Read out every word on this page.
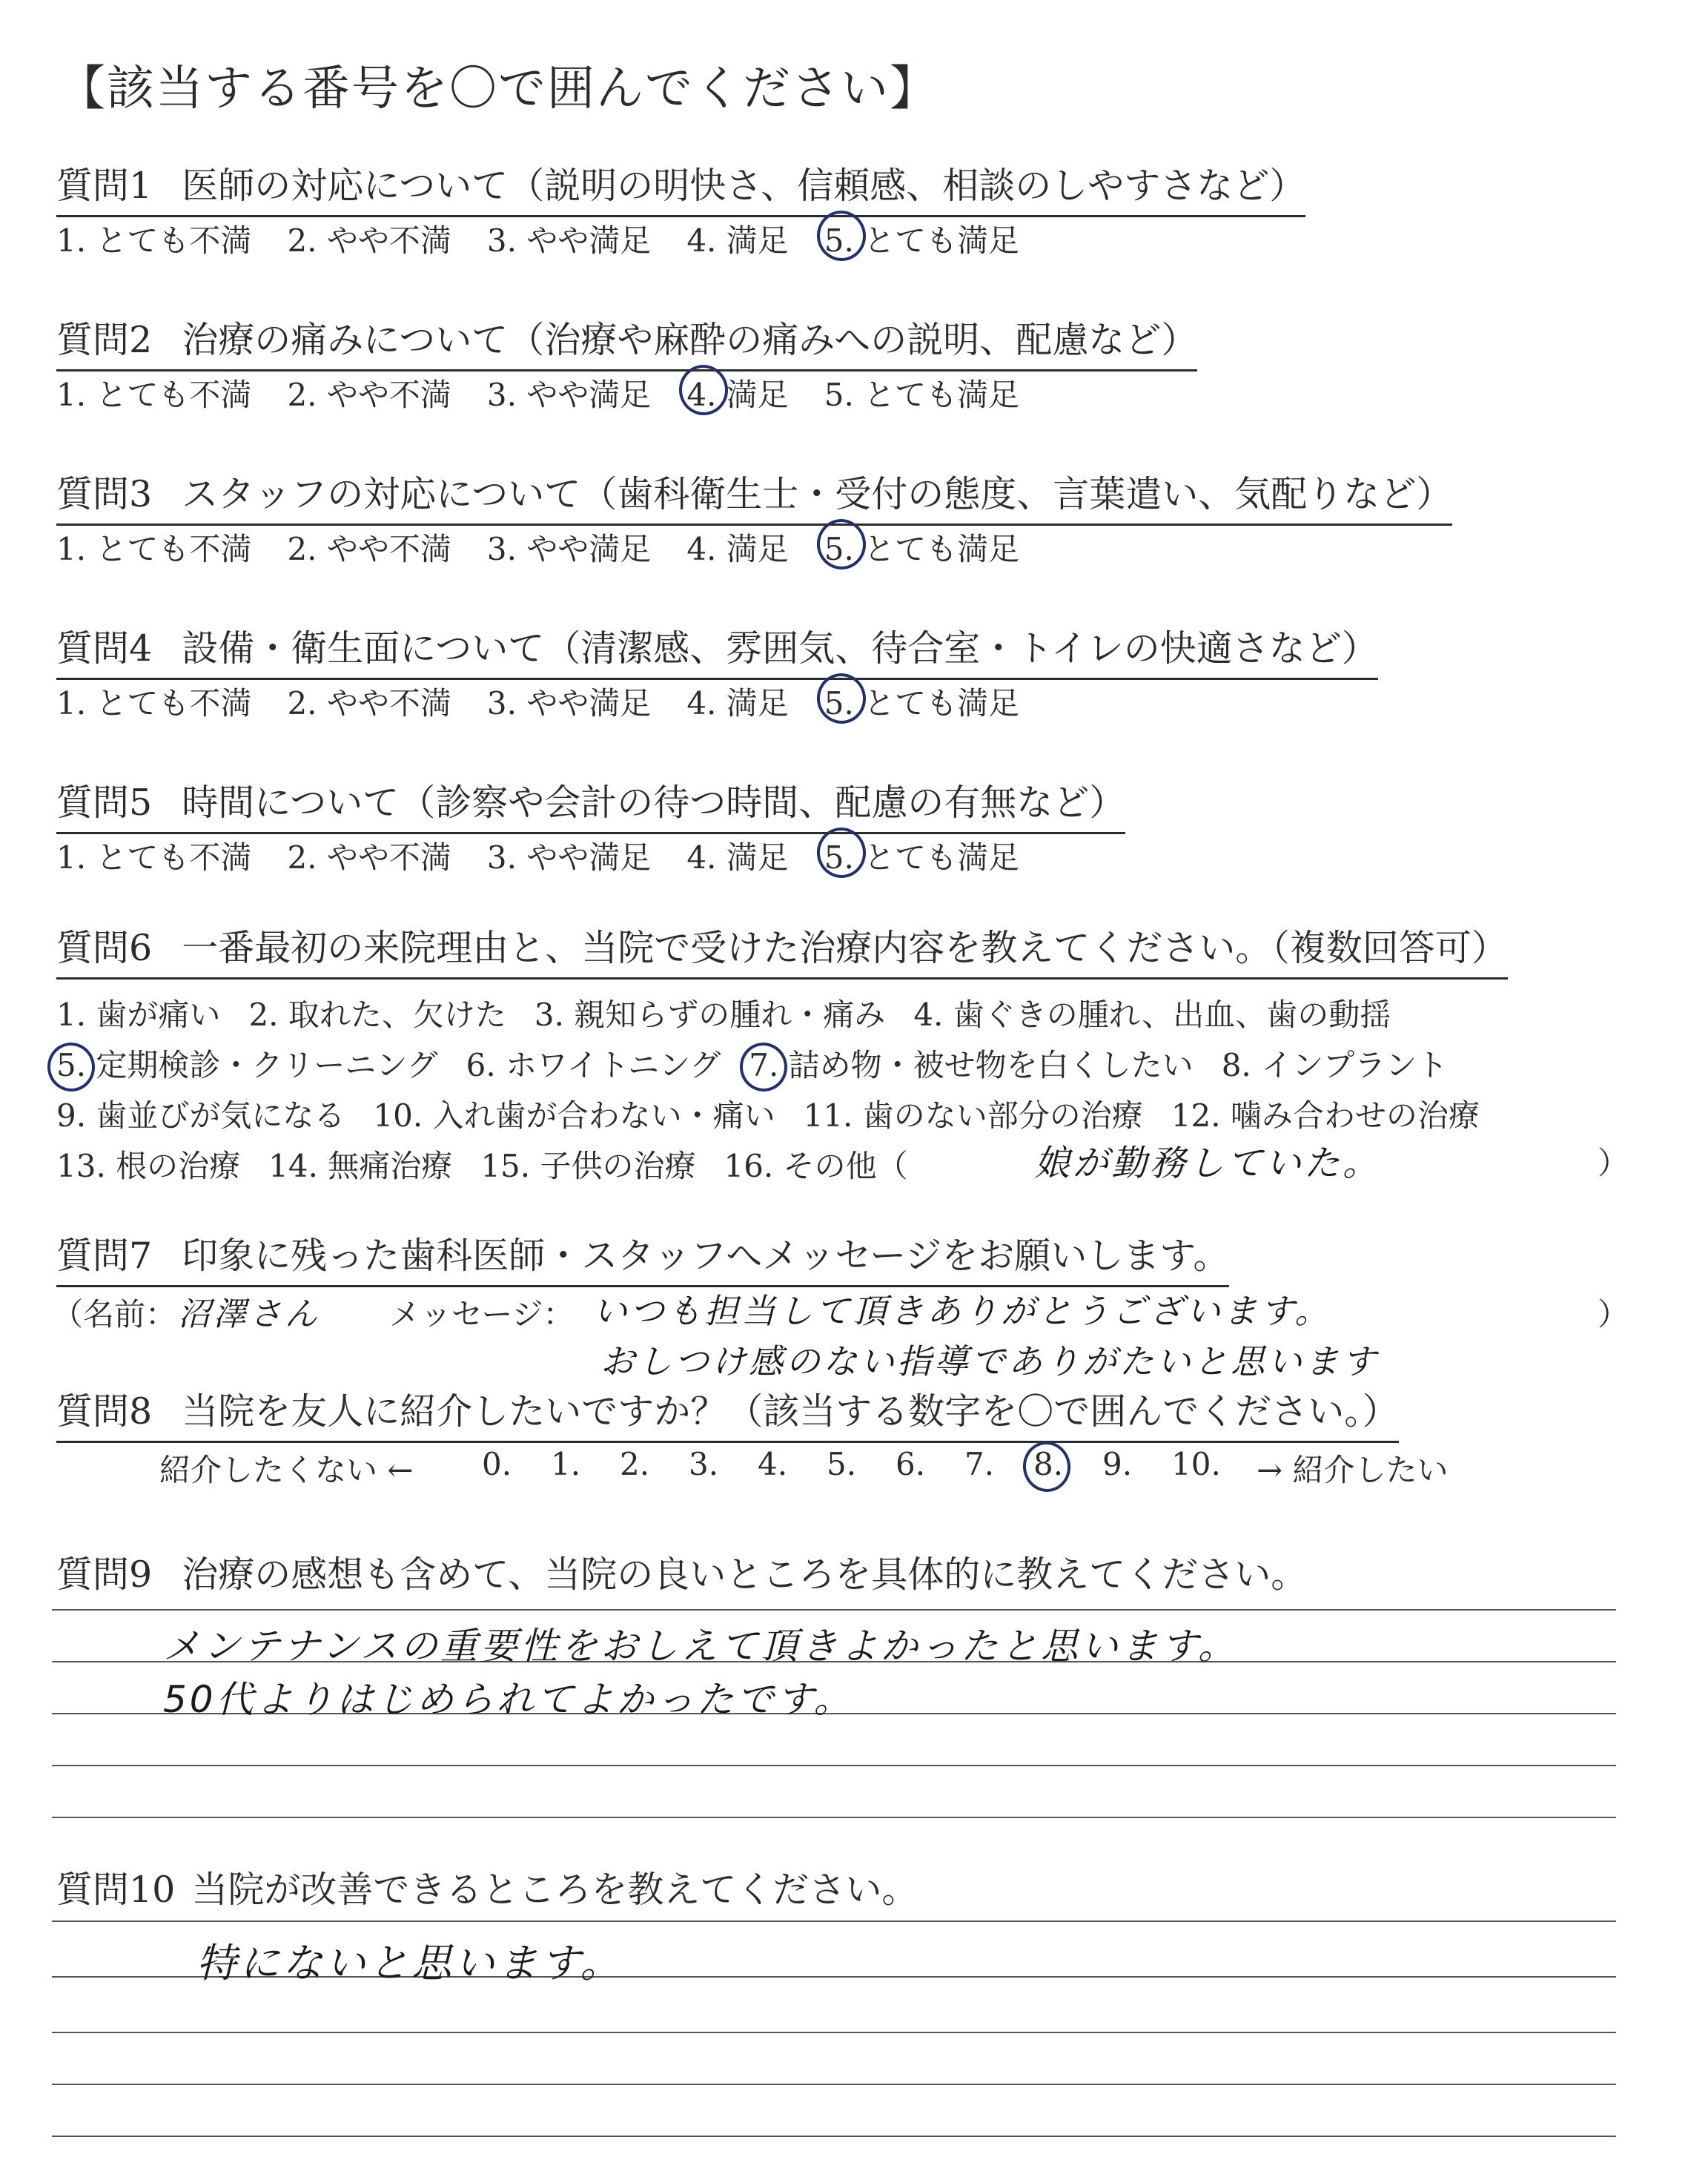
【該当する番号を〇で囲んでください】
質問1 医師の対応について（説明の明快さ、信頼感、相談のしやすさなど）
1. とても不満 2. やや不満 3. やや満足 4. 満足 5. とても満足
質問2 治療の痛みについて（治療や麻酔の痛みへの説明、配慮など）
1. とても不満 2. やや不満 3. やや満足 4. 満足 5. とても満足
質問3 スタッフの対応について（歯科衛生士・受付の態度、言葉遣い、気配りなど）
1. とても不満 2. やや不満 3. やや満足 4. 満足 5. とても満足
質問4 設備・衛生面について（清潔感、雰囲気、待合室・トイレの快適さなど）
1. とても不満 2. やや不満 3. やや満足 4. 満足 5. とても満足
質問5 時間について（診察や会計の待つ時間、配慮の有無など）
1. とても不満 2. やや不満 3. やや満足 4. 満足 5. とても満足
質問6 一番最初の来院理由と、当院で受けた治療内容を教えてください。（複数回答可）
1. 歯が痛い 2. 取れた、欠けた 3. 親知らずの腫れ・痛み 4. 歯ぐきの腫れ、出血、歯の動揺
5. 定期検診・クリーニング 6. ホワイトニング 7. 詰め物・被せ物を白くしたい 8. インプラント
9. 歯並びが気になる 10. 入れ歯が合わない・痛い 11. 歯のない部分の治療 12. 噛み合わせの治療
13. 根の治療 14. 無痛治療 15. 子供の治療 16. その他（	娘が勤務していた。	）
質問7 印象に残った歯科医師・スタッフへメッセージをお願いします。
（名前： 沼澤さん メッセージ： いつも担当して頂きありがとうございます。
おしつけ感のない指導でありがたいと思います
）
質問8 当院を友人に紹介したいですか？（該当する数字を〇で囲んでください。）
紹介したくない ← 0. 1. 2. 3. 4. 5. 6. 7. 8. 9. 10. → 紹介したい
質問9 治療の感想も含めて、当院の良いところを具体的に教えてください。
メンテナンスの重要性をおしえて頂きよかったと思います。
50代よりはじめられてよかったです。
質問10 当院が改善できるところを教えてください。
特にないと思います。
